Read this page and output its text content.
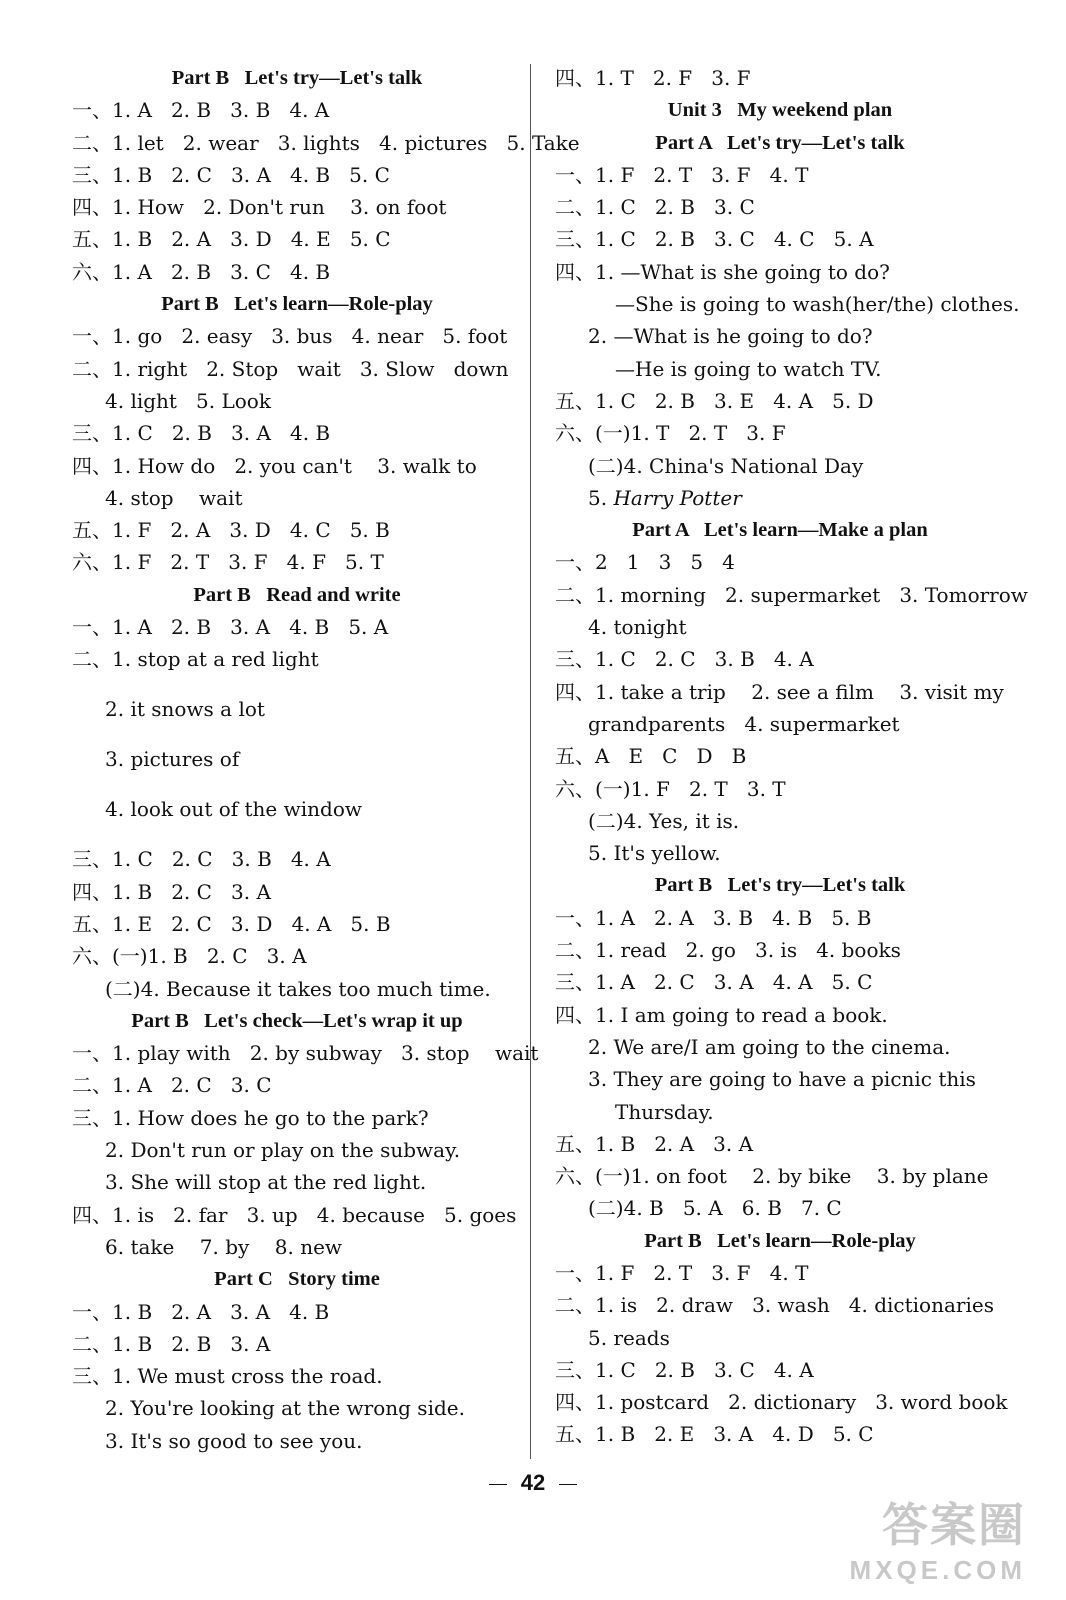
Part B   Let's try—Let's talk
一、1. A   2. B   3. B   4. A
二、1. let   2. wear   3. lights   4. pictures   5. Take
三、1. B   2. C   3. A   4. B   5. C
四、1. How   2. Don't run    3. on foot
五、1. B   2. A   3. D   4. E   5. C
六、1. A   2. B   3. C   4. B
Part B   Let's learn—Role-play
一、1. go   2. easy   3. bus   4. near   5. foot
二、1. right   2. Stop   wait   3. Slow   down
4. light   5. Look
三、1. C   2. B   3. A   4. B
四、1. How do   2. you can't    3. walk to
4. stop    wait
五、1. F   2. A   3. D   4. C   5. B
六、1. F   2. T   3. F   4. F   5. T
Part B   Read and write
一、1. A   2. B   3. A   4. B   5. A
二、1. stop at a red light
2. it snows a lot
3. pictures of
4. look out of the window
三、1. C   2. C   3. B   4. A
四、1. B   2. C   3. A
五、1. E   2. C   3. D   4. A   5. B
六、(一)1. B   2. C   3. A
(二)4. Because it takes too much time.
Part B   Let's check—Let's wrap it up
一、1. play with   2. by subway   3. stop    wait
二、1. A   2. C   3. C
三、1. How does he go to the park?
2. Don't run or play on the subway.
3. She will stop at the red light.
四、1. is   2. far   3. up   4. because   5. goes
6. take    7. by    8. new
Part C   Story time
一、1. B   2. A   3. A   4. B
二、1. B   2. B   3. A
三、1. We must cross the road.
2. You're looking at the wrong side.
3. It's so good to see you.
四、1. T   2. F   3. F
Unit 3   My weekend plan
Part A   Let's try—Let's talk
一、1. F   2. T   3. F   4. T
二、1. C   2. B   3. C
三、1. C   2. B   3. C   4. C   5. A
四、1. —What is she going to do?
—She is going to wash(her/the) clothes.
2. —What is he going to do?
—He is going to watch TV.
五、1. C   2. B   3. E   4. A   5. D
六、(一)1. T   2. T   3. F
(二)4. China's National Day
5. Harry Potter
Part A   Let's learn—Make a plan
一、2   1   3   5   4
二、1. morning   2. supermarket   3. Tomorrow
4. tonight
三、1. C   2. C   3. B   4. A
四、1. take a trip    2. see a film    3. visit my
grandparents   4. supermarket
五、A   E   C   D   B
六、(一)1. F   2. T   3. T
(二)4. Yes, it is.
5. It's yellow.
Part B   Let's try—Let's talk
一、1. A   2. A   3. B   4. B   5. B
二、1. read   2. go   3. is   4. books
三、1. A   2. C   3. A   4. A   5. C
四、1. I am going to read a book.
2. We are/I am going to the cinema.
3. They are going to have a picnic this
Thursday.
五、1. B   2. A   3. A
六、(一)1. on foot    2. by bike    3. by plane
(二)4. B   5. A   6. B   7. C
Part B   Let's learn—Role-play
一、1. F   2. T   3. F   4. T
二、1. is   2. draw   3. wash   4. dictionaries
5. reads
三、1. C   2. B   3. C   4. A
四、1. postcard   2. dictionary   3. word book
五、1. B   2. E   3. A   4. D   5. C
42
答案圈
MXQE.COM
